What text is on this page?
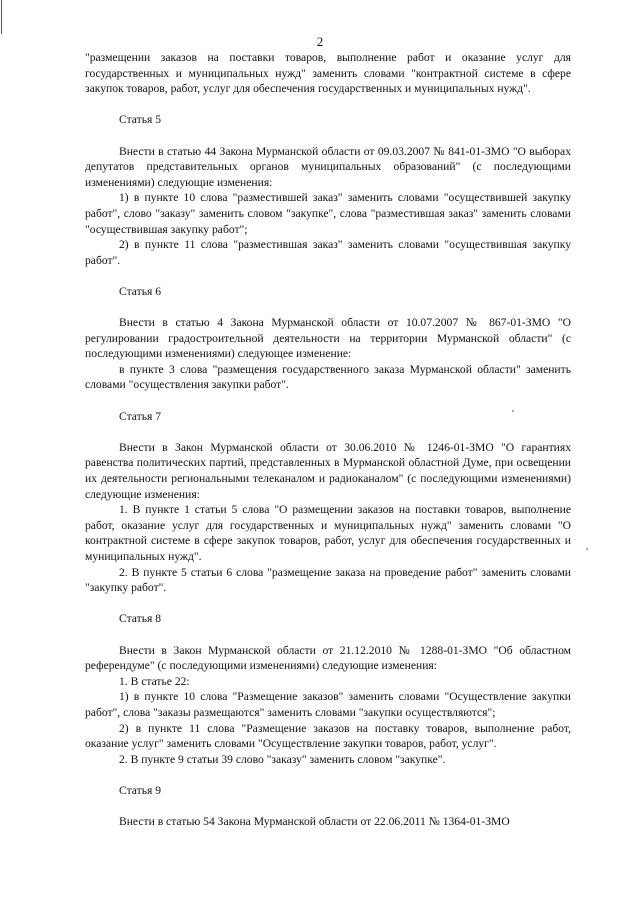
2

"размещении заказов на поставки товаров, выполнение работ и оказание услуг для государственных и муниципальных нужд" заменить словами "контрактной системе в сфере закупок товаров, работ, услуг для обеспечения государственных и муниципальных нужд".

Статья 5

Внести в статью 44 Закона Мурманской области от 09.03.2007 № 841-01-ЗМО "О выборах депутатов представительных органов муниципальных образований" (с последующими изменениями) следующие изменения:

1) в пункте 10 слова "разместившей заказ" заменить словами "осуществившей закупку работ", слово "заказу" заменить словом "закупке", слова "разместившая заказ" заменить словами "осуществившая закупку работ";

2) в пункте 11 слова "разместившая заказ" заменить словами "осуществившая закупку работ".

Статья 6

Внести в статью 4 Закона Мурманской области от 10.07.2007 № 867-01-ЗМО "О регулировании градостроительной деятельности на территории Мурманской области" (с последующими изменениями) следующее изменение:

в пункте 3 слова "размещения государственного заказа Мурманской области" заменить словами "осуществления закупки работ".

Статья 7

Внести в Закон Мурманской области от 30.06.2010 № 1246-01-ЗМО "О гарантиях равенства политических партий, представленных в Мурманской областной Думе, при освещении их деятельности региональными телеканалом и радиоканалом" (с последующими изменениями) следующие изменения:

1. В пункте 1 статьи 5 слова "О размещении заказов на поставки товаров, выполнение работ, оказание услуг для государственных и муниципальных нужд" заменить словами "О контрактной системе в сфере закупок товаров, работ, услуг для обеспечения государственных и муниципальных нужд".

2. В пункте 5 статьи 6 слова "размещение заказа на проведение работ" заменить словами "закупку работ".

Статья 8

Внести в Закон Мурманской области от 21.12.2010 № 1288-01-ЗМО "Об областном референдуме" (с последующими изменениями) следующие изменения:

1. В статье 22:

1) в пункте 10 слова "Размещение заказов" заменить словами "Осуществление закупки работ", слова "заказы размещаются" заменить словами "закупки осуществляются";

2) в пункте 11 слова "Размещение заказов на поставку товаров, выполнение работ, оказание услуг" заменить словами "Осуществление закупки товаров, работ, услуг".

2. В пункте 9 статьи 39 слово "заказу" заменить словом "закупке".

Статья 9

Внести в статью 54 Закона Мурманской области от 22.06.2011 № 1364-01-ЗМО
